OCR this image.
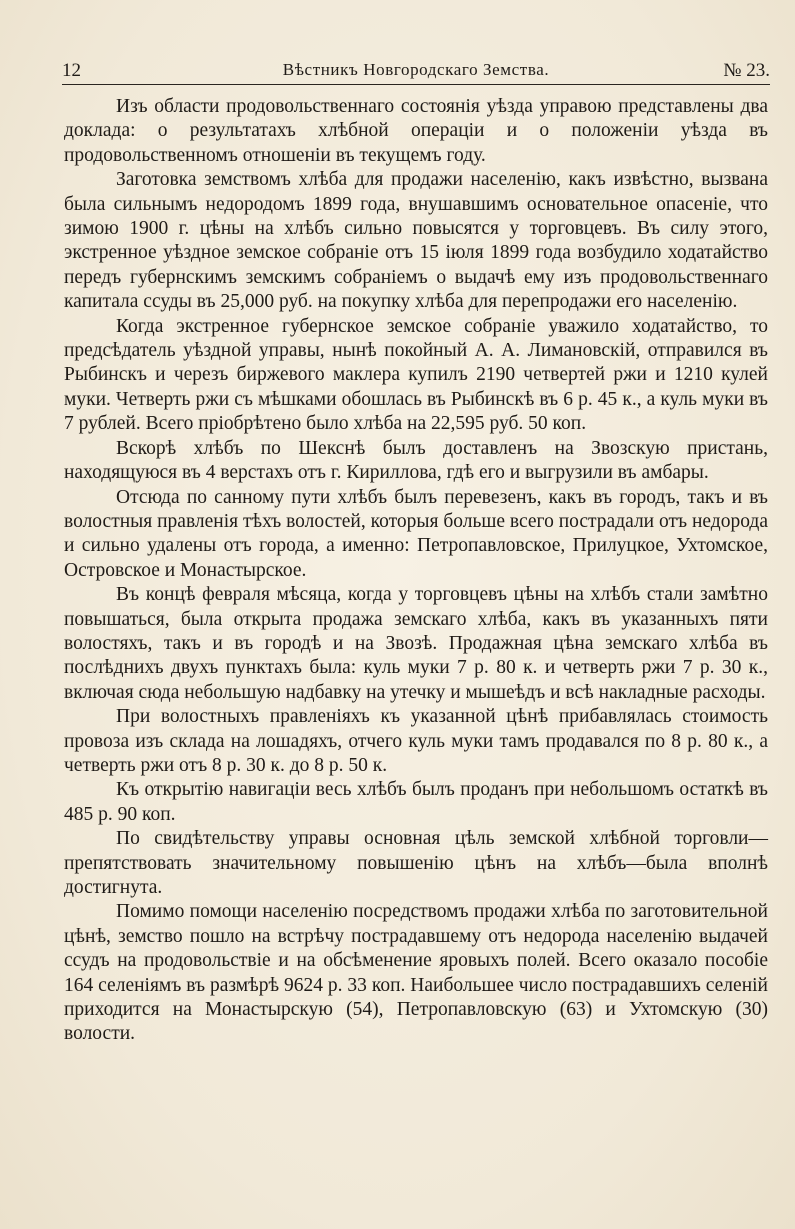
12	Вѣстникъ Новгородскаго Земства.	№ 23.

Изъ области продовольственнаго состоянія уѣзда управою представлены два доклада: о результатахъ хлѣбной операціи и о положеніи уѣзда въ продовольственномъ отношеніи въ текущемъ году.

Заготовка земствомъ хлѣба для продажи населенію, какъ извѣстно, вызвана была сильнымъ недородомъ 1899 года, внушавшимъ основательное опасеніе, что зимою 1900 г. цѣны на хлѣбъ сильно повысятся у торговцевъ. Въ силу этого, экстренное уѣздное земское собраніе отъ 15 іюля 1899 года возбудило ходатайство передъ губернскимъ земскимъ собраніемъ о выдачѣ ему изъ продовольственнаго капитала ссуды въ 25,000 руб. на покупку хлѣба для перепродажи его населенію.

Когда экстренное губернское земское собраніе уважило ходатайство, то предсѣдатель уѣздной управы, нынѣ покойный А. А. Лимановскій, отправился въ Рыбинскъ и черезъ биржевого маклера купилъ 2190 четвертей ржи и 1210 кулей муки. Четверть ржи съ мѣшками обошлась въ Рыбинскѣ въ 6 р. 45 к., а куль муки въ 7 рублей. Всего пріобрѣтено было хлѣба на 22,595 руб. 50 коп.

Вскорѣ хлѣбъ по Шекснѣ былъ доставленъ на Звозскую пристань, находящуюся въ 4 верстахъ отъ г. Кириллова, гдѣ его и выгрузили въ амбары.

Отсюда по санному пути хлѣбъ былъ перевезенъ, какъ въ городъ, такъ и въ волостныя правленія тѣхъ волостей, которыя больше всего пострадали отъ недорода и сильно удалены отъ города, а именно: Петропавловское, Прилуцкое, Ухтомское, Островское и Монастырское.

Въ концѣ февраля мѣсяца, когда у торговцевъ цѣны на хлѣбъ стали замѣтно повышаться, была открыта продажа земскаго хлѣба, какъ въ указанныхъ пяти волостяхъ, такъ и въ городѣ и на Звозѣ. Продажная цѣна земскаго хлѣба въ послѣднихъ двухъ пунктахъ была: куль муки 7 р. 80 к. и четверть ржи 7 р. 30 к., включая сюда небольшую надбавку на утечку и мышеѣдъ и всѣ накладные расходы.

При волостныхъ правленіяхъ къ указанной цѣнѣ прибавлялась стоимость провоза изъ склада на лошадяхъ, отчего куль муки тамъ продавался по 8 р. 80 к., а четверть ржи отъ 8 р. 30 к. до 8 р. 50 к.

Къ открытію навигаціи весь хлѣбъ былъ проданъ при небольшомъ остаткѣ въ 485 р. 90 коп.

По свидѣтельству управы основная цѣль земской хлѣбной торговли— препятствовать значительному повышенію цѣнъ на хлѣбъ—была вполнѣ достигнута.

Помимо помощи населенію посредствомъ продажи хлѣба по заготовительной цѣнѣ, земство пошло на встрѣчу пострадавшему отъ недорода населенію выдачей ссудъ на продовольствіе и на обсѣменение яровыхъ полей. Всего оказало пособіе 164 селеніямъ въ размѣрѣ 9624 р. 33 коп. Наибольшее число пострадавшихъ селеній приходится на Монастырскую (54), Петропавловскую (63) и Ухтомскую (30) волости.
